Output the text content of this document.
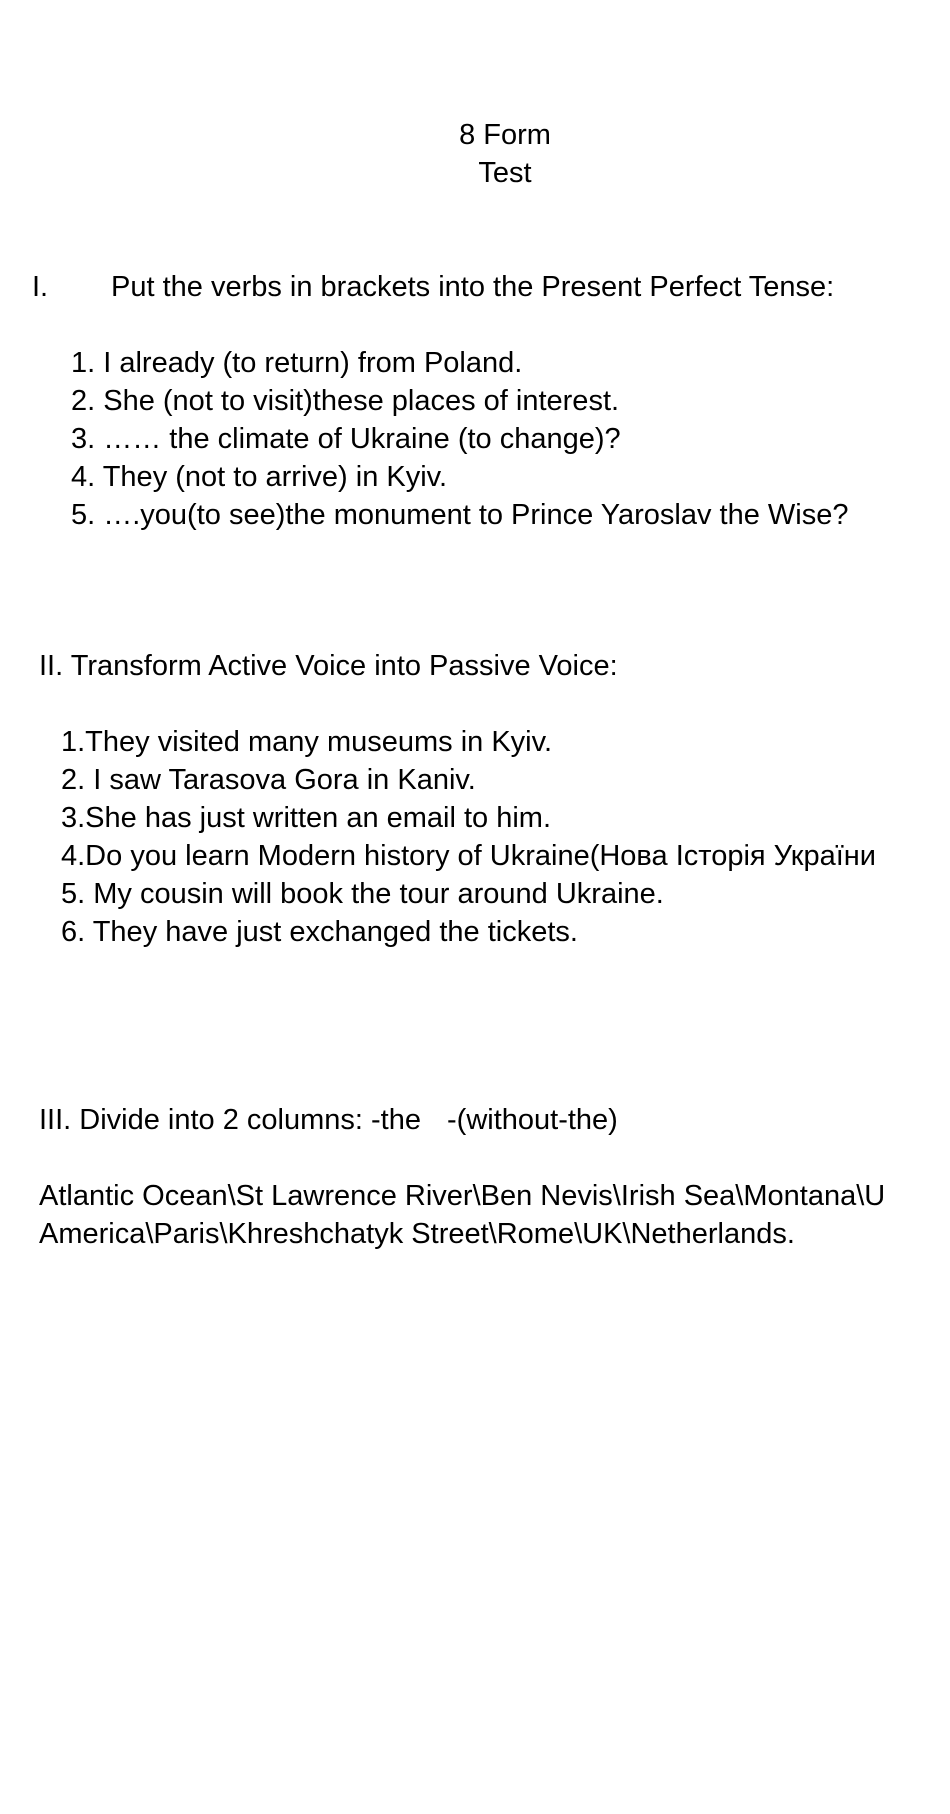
8 Form
Test
I. Put the verbs in brackets into the Present Perfect Tense:
1. I already (to return) from Poland.
2. She (not to visit)these places of interest.
3. …… the climate of Ukraine (to change)?
4. They (not to arrive) in Kyiv.
5. ….you(to see)the monument to Prince Yaroslav the Wise?
II. Transform Active Voice into Passive Voice:
1.They visited many museums in Kyiv.
2. I saw Tarasova Gora in Kaniv.
3.She has just written an email to him.
4.Do you learn Modern history of Ukraine(Нова Історія України
5. My cousin will book the tour around Ukraine.
6. They have just exchanged the tickets.
III. Divide into 2 columns: -the -(without-the)
Atlantic Ocean\St Lawrence River\Ben Nevis\Irish Sea\Montana\U
America\Paris\Khreshchatyk Street\Rome\UK\Netherlands.
